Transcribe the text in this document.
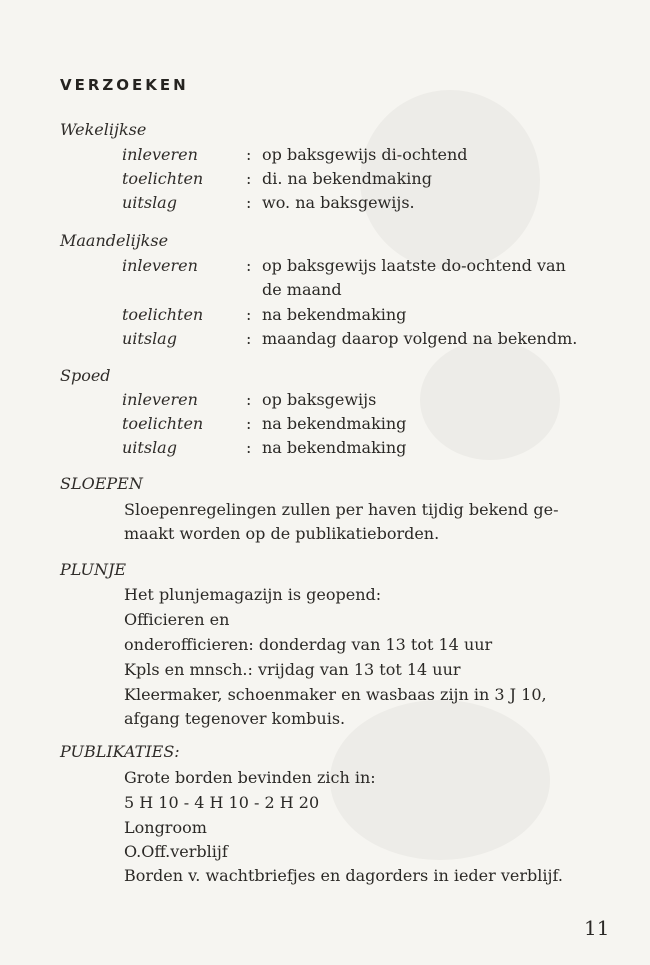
VERZOEKEN
Wekelijkse
inleveren	: op baksgewijs di-ochtend
toelichten	: di. na bekendmaking
uitslag	: wo. na baksgewijs.
Maandelijkse
inleveren	: op baksgewijs laatste do-ochtend van
de maand
toelichten	: na bekendmaking
uitslag	: maandag daarop volgend na bekendm.
Spoed
inleveren	: op baksgewijs
toelichten	: na bekendmaking
uitslag	: na bekendmaking
SLOEPEN
Sloepenregelingen zullen per haven tijdig bekend ge-
maakt worden op de publikatieborden.
PLUNJE
Het plunjemagazijn is geopend:
Officieren en
onderofficieren: donderdag van 13 tot 14 uur
Kpls en mnsch.: vrijdag van 13 tot 14 uur
Kleermaker, schoenmaker en wasbaas zijn in 3 J 10,
afgang tegenover kombuis.
PUBLIKATIES:
Grote borden bevinden zich in:
5 H 10 - 4 H 10 - 2 H 20
Longroom
O.Off.verblijf
Borden v. wachtbriefjes en dagorders in ieder verblijf.
11
